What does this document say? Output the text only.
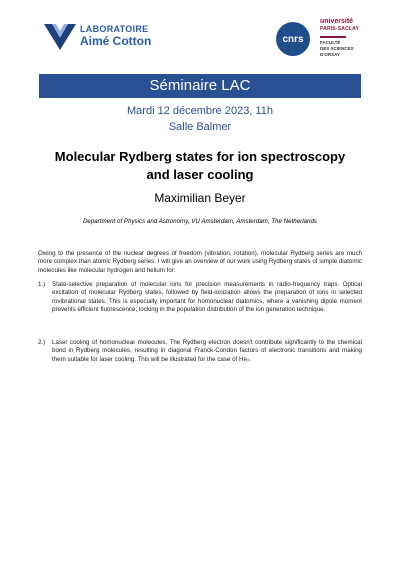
LABORATOIRE
Aimé Cotton	cnrs
université
PARIS-SACLAY
FACULTÉ
DES SCIENCES
D'ORSAY
Séminaire LAC
Mardi 12 décembre 2023, 11h
Salle Balmer
Molecular Rydberg states for ion spectroscopy
and laser cooling
Maximilian Beyer
Department of Physics and Astronomy, VU Amsterdam, Amsterdam, The Netherlands
Owing to the presence of the nuclear degrees of freedom (vibration, rotation), molecular Rydberg series are much more complex than atomic Rydberg series. I will give an overview of our work using Rydberg states of simple diatomic molecules like molecular hydrogen and helium for:
1.)	State-selective preparation of molecular ions for precision measurements in radio-frequency traps. Optical excitation of molecular Rydberg states, followed by field-ionization allows the preparation of ions in selected rovibrational states. This is especially important for homonuclear diatomics, where a vanishing dipole moment prevents efficient fluorescence, locking in the population distribution of the ion generation technique.
2.)	Laser cooling of homonuclear molecules. The Rydberg electron doesn't contribute significantly to the chemical bond in Rydberg molecules, resulting in diagonal Franck-Condon factors of electronic transitions and making them suitable for laser cooling. This will be illustrated for the case of He₂.
